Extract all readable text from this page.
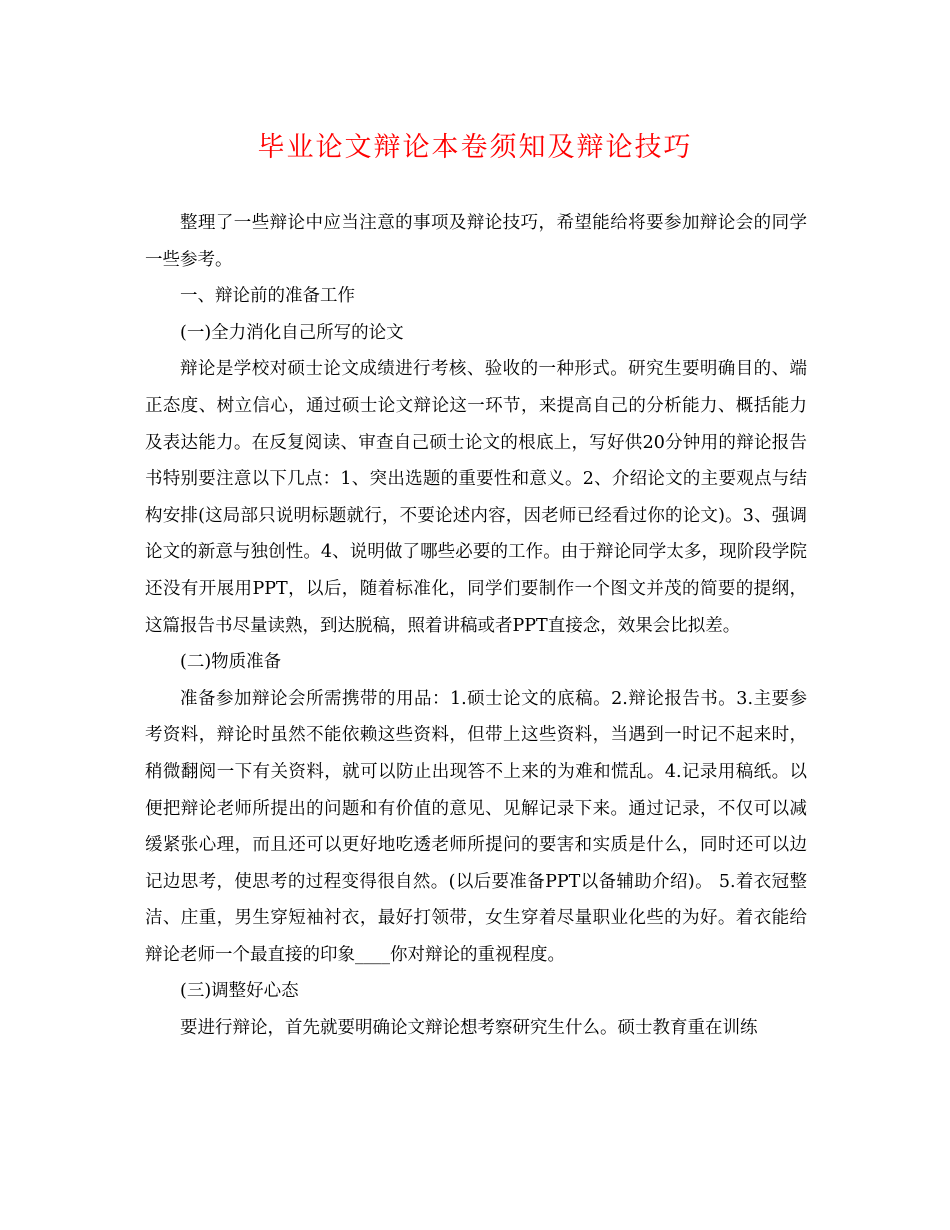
毕业论文辩论本卷须知及辩论技巧

整理了一些辩论中应当注意的事项及辩论技巧，希望能给将要参加辩论会的同学一些参考。

一、辩论前的准备工作

(一)全力消化自己所写的论文

辩论是学校对硕士论文成绩进行考核、验收的一种形式。研究生要明确目的、端正态度、树立信心，通过硕士论文辩论这一环节，来提高自己的分析能力、概括能力及表达能力。在反复阅读、审查自己硕士论文的根底上，写好供20分钟用的辩论报告书特别要注意以下几点：1、突出选题的重要性和意义。2、介绍论文的主要观点与结构安排(这局部只说明标题就行，不要论述内容，因老师已经看过你的论文)。3、强调论文的新意与独创性。4、说明做了哪些必要的工作。由于辩论同学太多，现阶段学院还没有开展用PPT，以后，随着标准化，同学们要制作一个图文并茂的简要的提纲，这篇报告书尽量读熟，到达脱稿，照着讲稿或者PPT直接念，效果会比拟差。

(二)物质准备

准备参加辩论会所需携带的用品：1.硕士论文的底稿。2.辩论报告书。3.主要参考资料，辩论时虽然不能依赖这些资料，但带上这些资料，当遇到一时记不起来时，稍微翻阅一下有关资料，就可以防止出现答不上来的为难和慌乱。4.记录用稿纸。以便把辩论老师所提出的问题和有价值的意见、见解记录下来。通过记录，不仅可以减缓紧张心理，而且还可以更好地吃透老师所提问的要害和实质是什么，同时还可以边记边思考，使思考的过程变得很自然。(以后要准备PPT以备辅助介绍)。 5.着衣冠整洁、庄重，男生穿短袖衬衣，最好打领带，女生穿着尽量职业化些的为好。着衣能给辩论老师一个最直接的印象____你对辩论的重视程度。

(三)调整好心态

要进行辩论，首先就要明确论文辩论想考察研究生什么。硕士教育重在训练
